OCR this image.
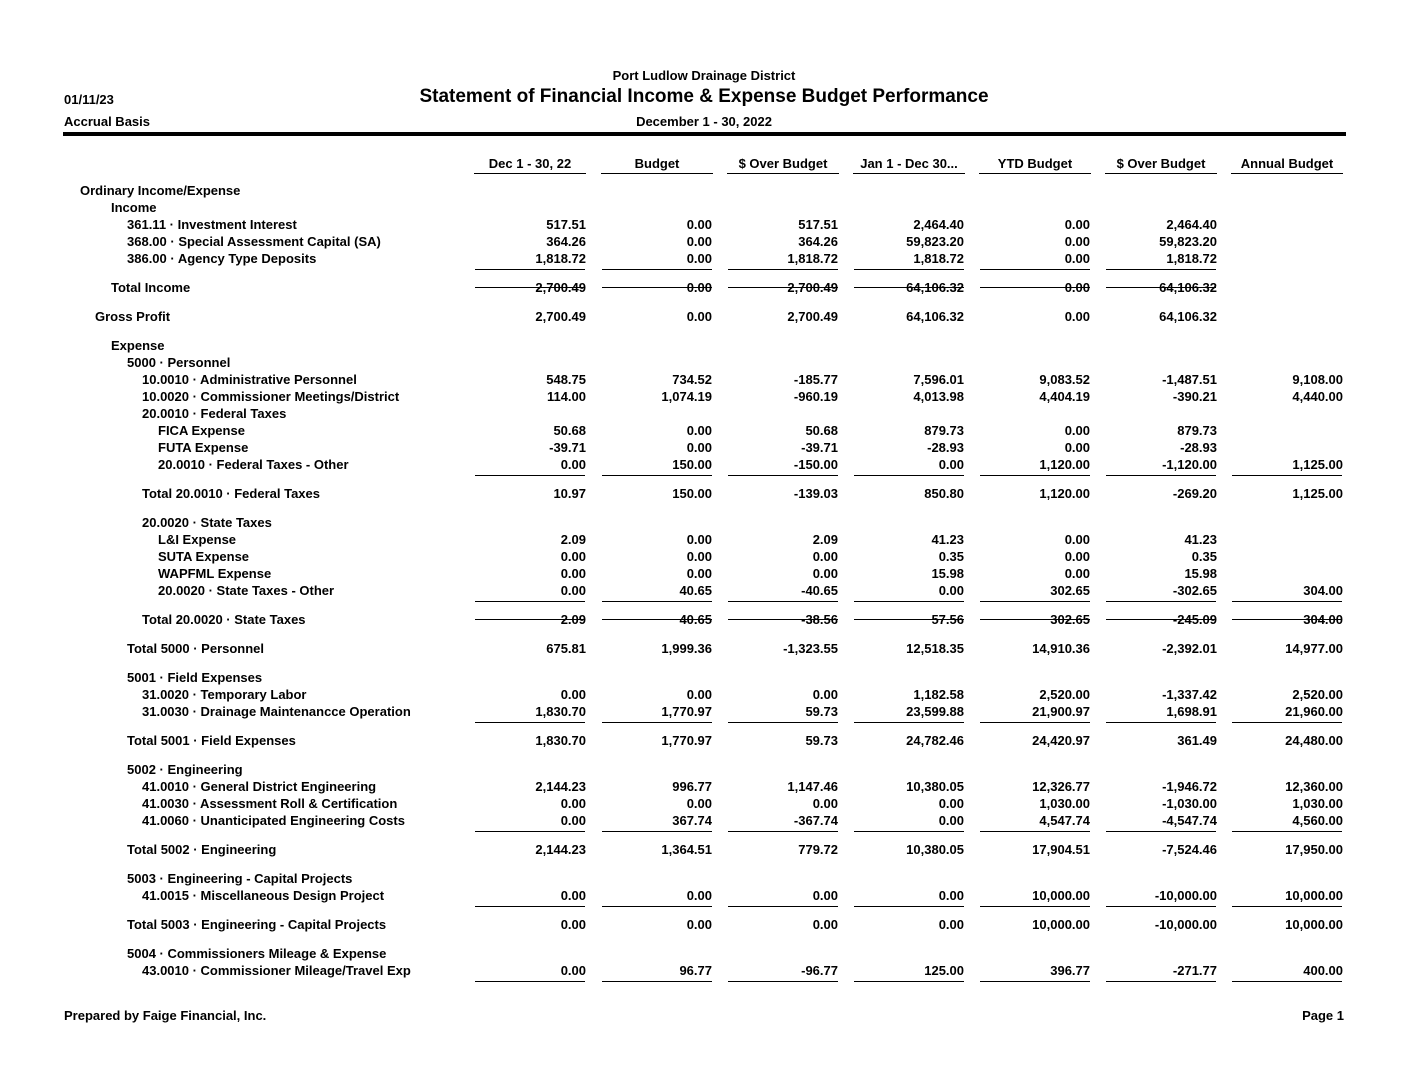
Port Ludlow Drainage District
Statement of Financial Income & Expense Budget Performance
December 1 - 30, 2022
01/11/23
Accrual Basis
Dec 1 - 30, 22	Budget	$ Over Budget	Jan 1 - Dec 30...	YTD Budget	$ Over Budget	Annual Budget
Ordinary Income/Expense
Income
361.11 · Investment Interest	517.51	0.00	517.51	2,464.40	0.00	2,464.40
368.00 · Special Assessment Capital (SA)	364.26	0.00	364.26	59,823.20	0.00	59,823.20
386.00 · Agency Type Deposits	1,818.72	0.00	1,818.72	1,818.72	0.00	1,818.72
Total Income	2,700.49	0.00	2,700.49	64,106.32	0.00	64,106.32
Gross Profit	2,700.49	0.00	2,700.49	64,106.32	0.00	64,106.32
Expense
5000 · Personnel
10.0010 · Administrative Personnel	548.75	734.52	-185.77	7,596.01	9,083.52	-1,487.51	9,108.00
10.0020 · Commissioner Meetings/District	114.00	1,074.19	-960.19	4,013.98	4,404.19	-390.21	4,440.00
20.0010 · Federal Taxes
FICA Expense	50.68	0.00	50.68	879.73	0.00	879.73
FUTA Expense	-39.71	0.00	-39.71	-28.93	0.00	-28.93
20.0010 · Federal Taxes - Other	0.00	150.00	-150.00	0.00	1,120.00	-1,120.00	1,125.00
Total 20.0010 · Federal Taxes	10.97	150.00	-139.03	850.80	1,120.00	-269.20	1,125.00
20.0020 · State Taxes
L&I Expense	2.09	0.00	2.09	41.23	0.00	41.23
SUTA Expense	0.00	0.00	0.00	0.35	0.00	0.35
WAPFML Expense	0.00	0.00	0.00	15.98	0.00	15.98
20.0020 · State Taxes - Other	0.00	40.65	-40.65	0.00	302.65	-302.65	304.00
Total 20.0020 · State Taxes	2.09	40.65	-38.56	57.56	302.65	-245.09	304.00
Total 5000 · Personnel	675.81	1,999.36	-1,323.55	12,518.35	14,910.36	-2,392.01	14,977.00
5001 · Field Expenses
31.0020 · Temporary Labor	0.00	0.00	0.00	1,182.58	2,520.00	-1,337.42	2,520.00
31.0030 · Drainage Maintenancce Operation	1,830.70	1,770.97	59.73	23,599.88	21,900.97	1,698.91	21,960.00
Total 5001 · Field Expenses	1,830.70	1,770.97	59.73	24,782.46	24,420.97	361.49	24,480.00
5002 · Engineering
41.0010 · General District Engineering	2,144.23	996.77	1,147.46	10,380.05	12,326.77	-1,946.72	12,360.00
41.0030 · Assessment Roll & Certification	0.00	0.00	0.00	0.00	1,030.00	-1,030.00	1,030.00
41.0060 · Unanticipated Engineering Costs	0.00	367.74	-367.74	0.00	4,547.74	-4,547.74	4,560.00
Total 5002 · Engineering	2,144.23	1,364.51	779.72	10,380.05	17,904.51	-7,524.46	17,950.00
5003 · Engineering - Capital Projects
41.0015 · Miscellaneous Design Project	0.00	0.00	0.00	0.00	10,000.00	-10,000.00	10,000.00
Total 5003 · Engineering - Capital Projects	0.00	0.00	0.00	0.00	10,000.00	-10,000.00	10,000.00
5004 · Commissioners Mileage & Expense
43.0010 · Commissioner Mileage/Travel Exp	0.00	96.77	-96.77	125.00	396.77	-271.77	400.00
Prepared by Faige Financial, Inc.	Page 1
